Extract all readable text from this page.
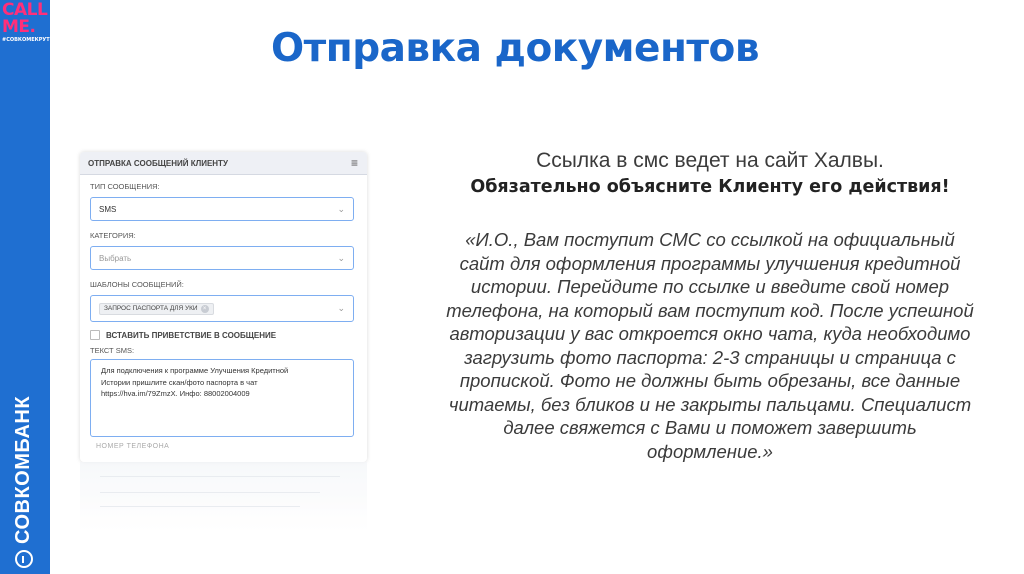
CALL
ME.
#СОВКОМЕКРУТО
СОВКОМБАНК
Отправка документов
ОТПРАВКА СООБЩЕНИЙ КЛИЕНТУ	≡
ТИП СООБЩЕНИЯ:
SMS	⌄
КАТЕГОРИЯ:
Выбрать	⌄
ШАБЛОНЫ СООБЩЕНИЙ:
ЗАПРОС ПАСПОРТА ДЛЯ УКИ ×	⌄
ВСТАВИТЬ ПРИВЕТСТВИЕ В СООБЩЕНИЕ
ТЕКСТ SMS:
Для подключения к программе Улучшения Кредитной
Истории пришлите скан/фото паспорта в чат
https://hva.im/79ZmzX. Инфо: 88002004009
НОМЕР ТЕЛЕФОНА
Ссылка в смс ведет на сайт Халвы.
Обязательно объясните Клиенту его действия!
«И.О., Вам поступит СМС со ссылкой на официальный
сайт для оформления программы улучшения кредитной
истории. Перейдите по ссылке и введите свой номер
телефона, на который вам поступит код. После успешной
авторизации у вас откроется окно чата, куда необходимо
загрузить фото паспорта: 2-3 страницы и страница с
пропиской. Фото не должны быть обрезаны, все данные
читаемы, без бликов и не закрыты пальцами. Специалист
далее свяжется с Вами и поможет завершить
оформление.»
